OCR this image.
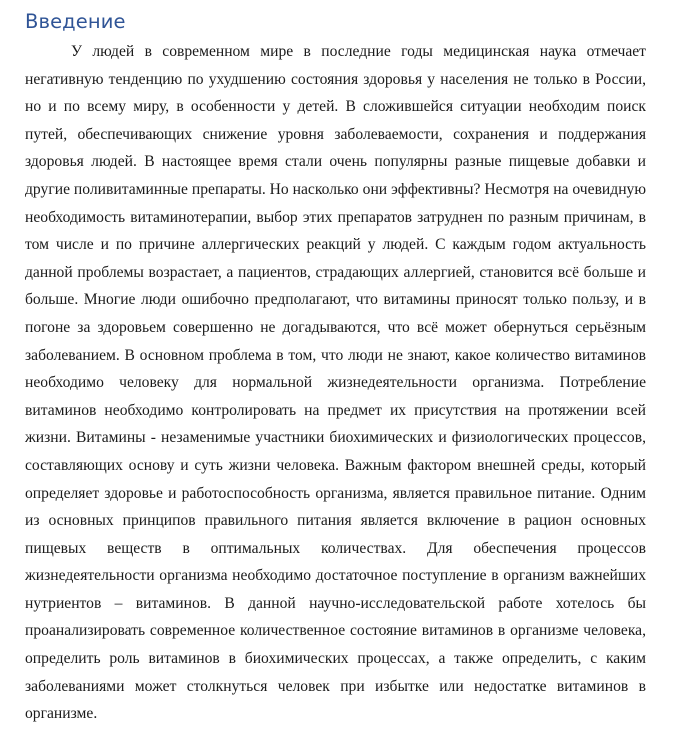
Введение

У людей в современном мире в последние годы медицинская наука отмечает негативную тенденцию по ухудшению состояния здоровья у населения не только в России, но и по всему миру, в особенности у детей. В сложившейся ситуации необходим поиск путей, обеспечивающих снижение уровня заболеваемости, сохранения и поддержания здоровья людей. В настоящее время стали очень популярны разные пищевые добавки и другие поливитаминные препараты. Но насколько они эффективны? Несмотря на очевидную необходимость витаминотерапии, выбор этих препаратов затруднен по разным причинам, в том числе и по причине аллергических реакций у людей. С каждым годом актуальность данной проблемы возрастает, а пациентов, страдающих аллергией, становится всё больше и больше. Многие люди ошибочно предполагают, что витамины приносят только пользу, и в погоне за здоровьем совершенно не догадываются, что всё может обернуться серьёзным заболеванием. В основном проблема в том, что люди не знают, какое количество витаминов необходимо человеку для нормальной жизнедеятельности организма. Потребление витаминов необходимо контролировать на предмет их присутствия на протяжении всей жизни. Витамины - незаменимые участники биохимических и физиологических процессов, составляющих основу и суть жизни человека. Важным фактором внешней среды, который определяет здоровье и работоспособность организма, является правильное питание. Одним из основных принципов правильного питания является включение в рацион основных пищевых веществ в оптимальных количествах. Для обеспечения процессов жизнедеятельности организма необходимо достаточное поступление в организм важнейших нутриентов – витаминов. В данной научно-исследовательской работе хотелось бы проанализировать современное количественное состояние витаминов в организме человека, определить роль витаминов в биохимических процессах, а также определить, с каким заболеваниями может столкнуться человек при избытке или недостатке витаминов в организме.
